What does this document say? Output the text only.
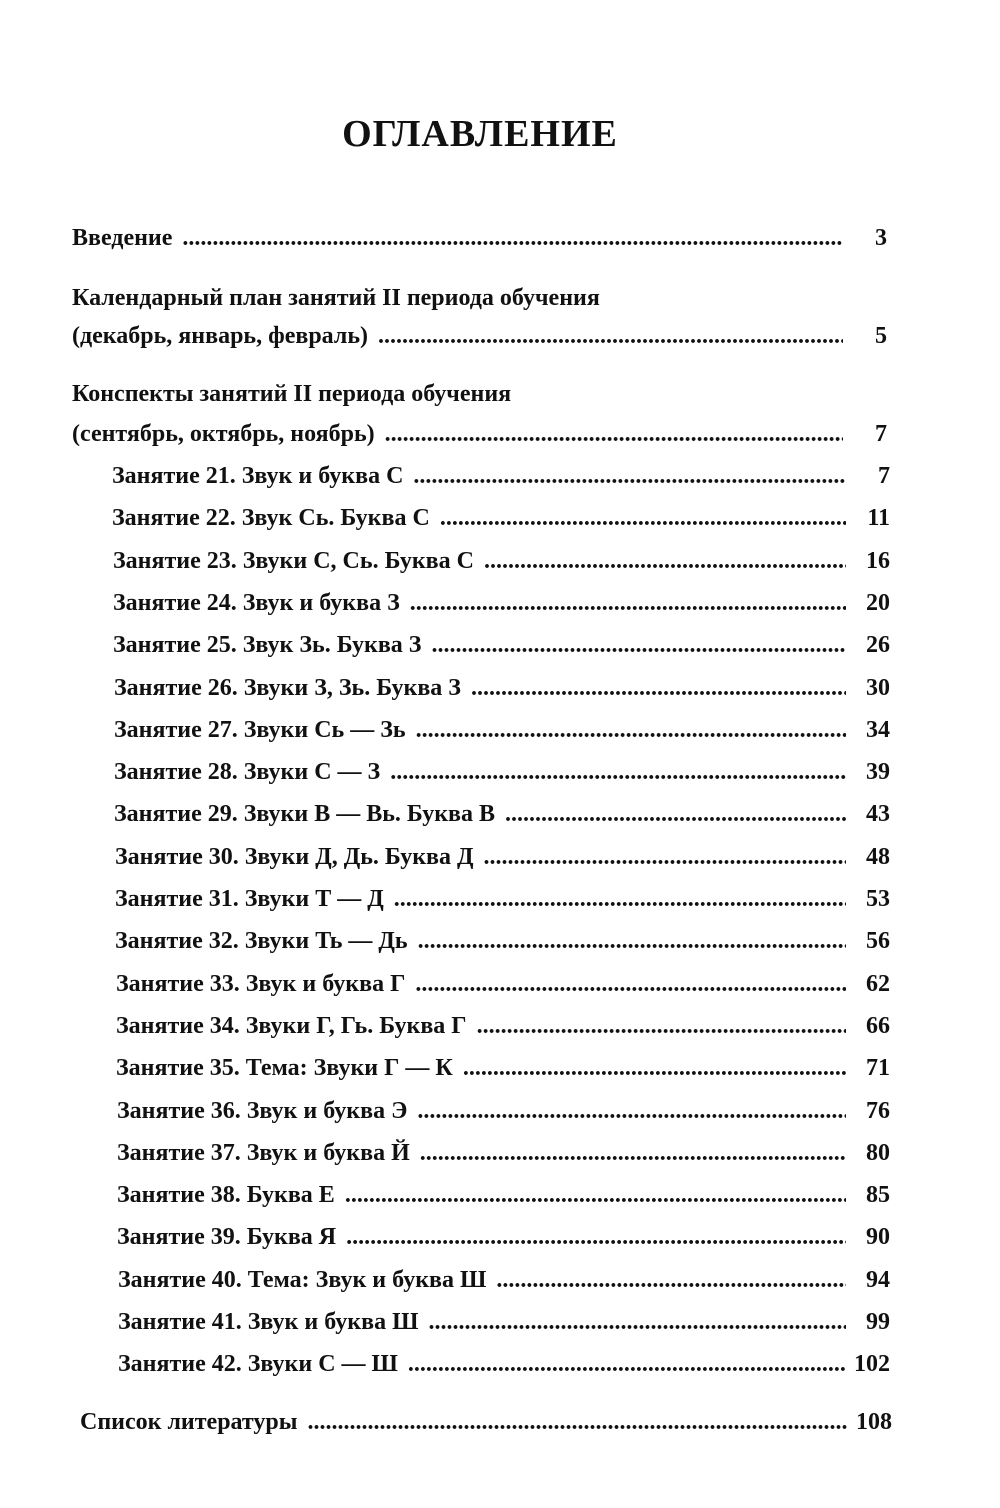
ОГЛАВЛЕНИЕ
Введение . . .	3
Календарный план занятий II периода обучения
(декабрь, январь, февраль) . . .	5
Конспекты занятий II периода обучения
(сентябрь, октябрь, ноябрь) . . .	7
Занятие 21. Звук и буква С . . .	7
Занятие 22. Звук Сь. Буква С . . .	11
Занятие 23. Звуки С, Сь. Буква С . . .	16
Занятие 24. Звук и буква З . . .	20
Занятие 25. Звук Зь. Буква З . . .	26
Занятие 26. Звуки З, Зь. Буква З . . .	30
Занятие 27. Звуки Сь — Зь . . .	34
Занятие 28. Звуки С — З . . .	39
Занятие 29. Звуки В — Вь. Буква В . . .	43
Занятие 30. Звуки Д, Дь. Буква Д . . .	48
Занятие 31. Звуки Т — Д . . .	53
Занятие 32. Звуки Ть — Дь . . .	56
Занятие 33. Звук и буква Г . . .	62
Занятие 34. Звуки Г, Гь. Буква Г . . .	66
Занятие 35. Тема: Звуки Г — К . . .	71
Занятие 36. Звук и буква Э . . .	76
Занятие 37. Звук и буква Й . . .	80
Занятие 38. Буква Е . . .	85
Занятие 39. Буква Я . . .	90
Занятие 40. Тема: Звук и буква Ш . . .	94
Занятие 41. Звук и буква Ш . . .	99
Занятие 42. Звуки С — Ш . . .	102
Список литературы . . .	108
